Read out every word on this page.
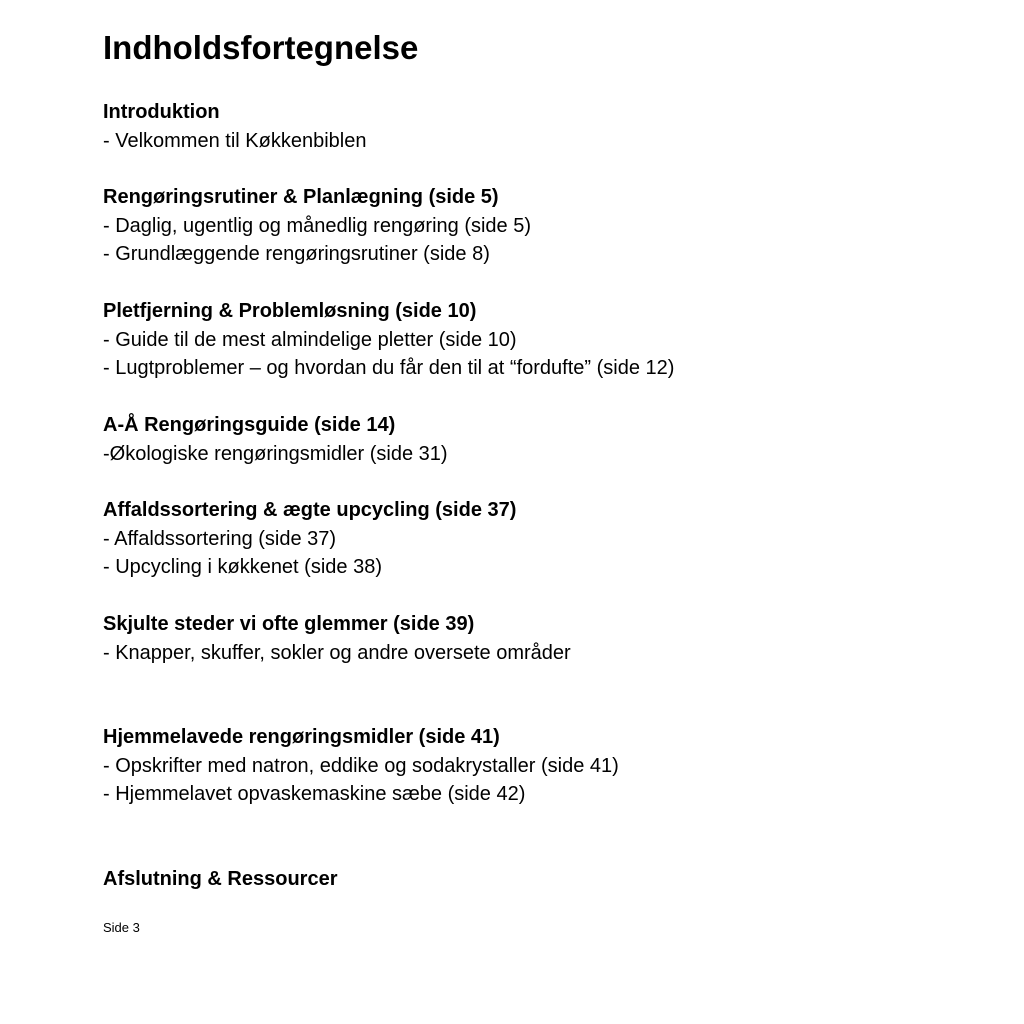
Indholdsfortegnelse
Introduktion
- Velkommen til Køkkenbiblen
Rengøringsrutiner & Planlægning (side 5)
- Daglig, ugentlig og månedlig rengøring (side 5)
- Grundlæggende rengøringsrutiner (side 8)
Pletfjerning & Problemløsning (side 10)
- Guide til de mest almindelige pletter (side 10)
- Lugtproblemer – og hvordan du får den til at “fordufte” (side 12)
A-Å Rengøringsguide (side 14)
-Økologiske rengøringsmidler (side 31)
Affaldssortering & ægte upcycling (side 37)
- Affaldssortering (side 37)
- Upcycling i køkkenet (side 38)
Skjulte steder vi ofte glemmer (side 39)
- Knapper, skuffer, sokler og andre oversete områder
Hjemmelavede rengøringsmidler (side 41)
- Opskrifter med natron, eddike og sodakrystaller (side 41)
- Hjemmelavet opvaskemaskine sæbe (side 42)
Afslutning & Ressourcer
Side 3
